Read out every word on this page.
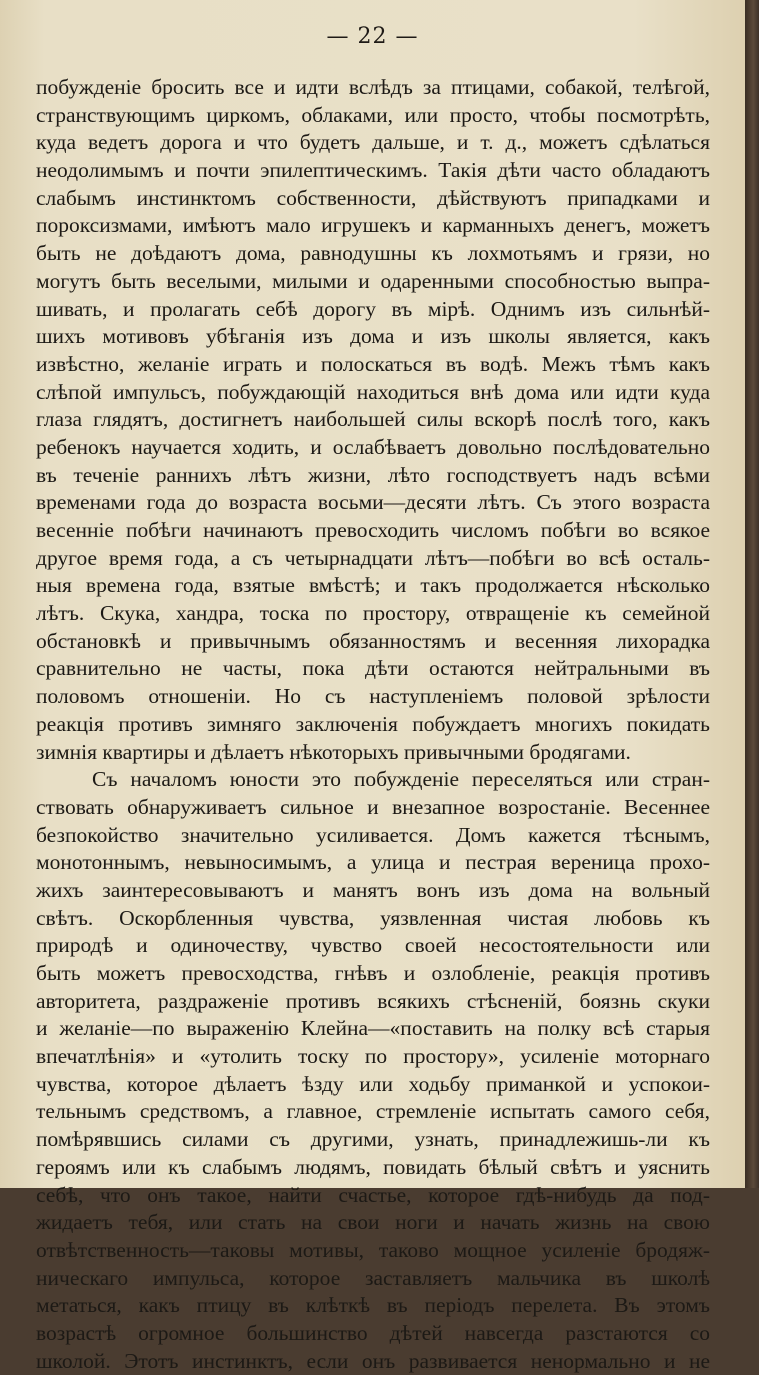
— 22 —
побужденіе бросить все и идти вслѣдъ за птицами, собакой, телѣгой,
странствующимъ циркомъ, облаками, или просто, чтобы посмотрѣть,
куда ведетъ дорога и что будетъ дальше, и т. д., можетъ сдѣлаться
неодолимымъ и почти эпилептическимъ. Такія дѣти часто обладаютъ
слабымъ инстинктомъ собственности, дѣйствуютъ припадками и
пороксизмами, имѣютъ мало игрушекъ и карманныхъ денегъ, можетъ
быть не доѣдаютъ дома, равнодушны къ лохмотьямъ и грязи, но
могутъ быть веселыми, милыми и одаренными способностью выпра-
шивать, и пролагать себѣ дорогу въ мірѣ. Однимъ изъ сильнѣй-
шихъ мотивовъ убѣганія изъ дома и изъ школы является, какъ
извѣстно, желаніе играть и полоскаться въ водѣ. Межъ тѣмъ какъ
слѣпой импульсъ, побуждающій находиться внѣ дома или идти куда
глаза глядятъ, достигнетъ наибольшей силы вскорѣ послѣ того, какъ
ребенокъ научается ходить, и ослабѣваетъ довольно послѣдовательно
въ теченіе раннихъ лѣтъ жизни, лѣто господствуетъ надъ всѣми
временами года до возраста восьми—десяти лѣтъ. Съ этого возраста
весенніе побѣги начинаютъ превосходить числомъ побѣги во всякое
другое время года, а съ четырнадцати лѣтъ—побѣги во всѣ осталь-
ныя времена года, взятые вмѣстѣ; и такъ продолжается нѣсколько
лѣтъ. Скука, хандра, тоска по простору, отвращеніе къ семейной
обстановкѣ и привычнымъ обязанностямъ и весенняя лихорадка
сравнительно не часты, пока дѣти остаются нейтральными въ
половомъ отношеніи. Но съ наступленіемъ половой зрѣлости
реакція противъ зимняго заключенія побуждаетъ многихъ покидать
зимнія квартиры и дѣлаетъ нѣкоторыхъ привычными бродягами.
Съ началомъ юности это побужденіе переселяться или стран-
ствовать обнаруживаетъ сильное и внезапное возростаніе. Весеннее
безпокойство значительно усиливается. Домъ кажется тѣснымъ,
монотоннымъ, невыносимымъ, а улица и пестрая вереница прохо-
жихъ заинтересовываютъ и манятъ вонъ изъ дома на вольный
свѣтъ. Оскорбленныя чувства, уязвленная чистая любовь къ
природѣ и одиночеству, чувство своей несостоятельности или
быть можетъ превосходства, гнѣвъ и озлобленіе, реакція противъ
авторитета, раздраженіе противъ всякихъ стѣсненій, боязнь скуки
и желаніе—по выраженію Клейна—«поставить на полку всѣ старыя
впечатлѣнія» и «утолить тоску по простору», усиленіе моторнаго
чувства, которое дѣлаетъ ѣзду или ходьбу приманкой и успокои-
тельнымъ средствомъ, а главное, стремленіе испытать самого себя,
помѣрявшись силами съ другими, узнать, принадлежишь-ли къ
героямъ или къ слабымъ людямъ, повидать бѣлый свѣтъ и уяснить
себѣ, что онъ такое, найти счастье, которое гдѣ-нибудь да под-
жидаетъ тебя, или стать на свои ноги и начать жизнь на свою
отвѣтственность—таковы мотивы, таково мощное усиленіе бродяж-
ническаго импульса, которое заставляетъ мальчика въ школѣ
метаться, какъ птицу въ клѣткѣ въ періодъ перелета. Въ этомъ
возрастѣ огромное большинство дѣтей навсегда разстаются со
школой. Этотъ инстинктъ, если онъ развивается ненормально и не
